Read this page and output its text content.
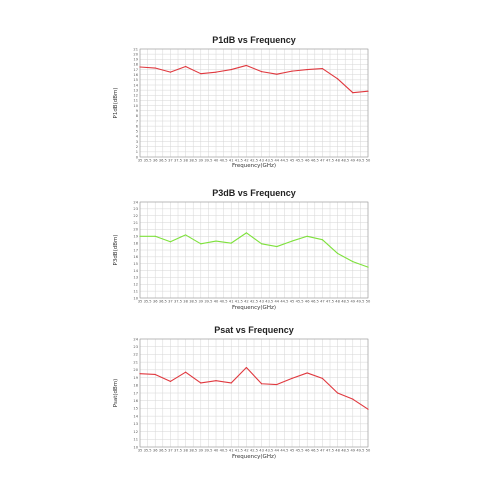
P1dB vs Frequency
0
1
2
3
4
5
6
7
8
9
10
11
12
13
14
15
16
17
18
19
20
21
35 35.5 36 36.5 37 37.5 38 38.5 39 39.5 40 40.5 41 41.5 42 42.5 43 43.5 44 44.5 45 45.5 46 46.5 47 47.5 48 48.5 49 49.5 50
Frequency(GHz)
P1dB(dBm)
P3dB vs Frequency
10
11
12
13
14
15
16
17
18
19
20
21
22
23
24
35 35.5 36 36.5 37 37.5 38 38.5 39 39.5 40 40.5 41 41.5 42 42.5 43 43.5 44 44.5 45 45.5 46 46.5 47 47.5 48 48.5 49 49.5 50
Frequency(GHz)
P3dB(dBm)
Psat vs Frequency
10
11
12
13
14
15
16
17
18
19
20
21
22
23
24
35 35.5 36 36.5 37 37.5 38 38.5 39 39.5 40 40.5 41 41.5 42 42.5 43 43.5 44 44.5 45 45.5 46 46.5 47 47.5 48 48.5 49 49.5 50
Frequency(GHz)
Psat(dBm)
